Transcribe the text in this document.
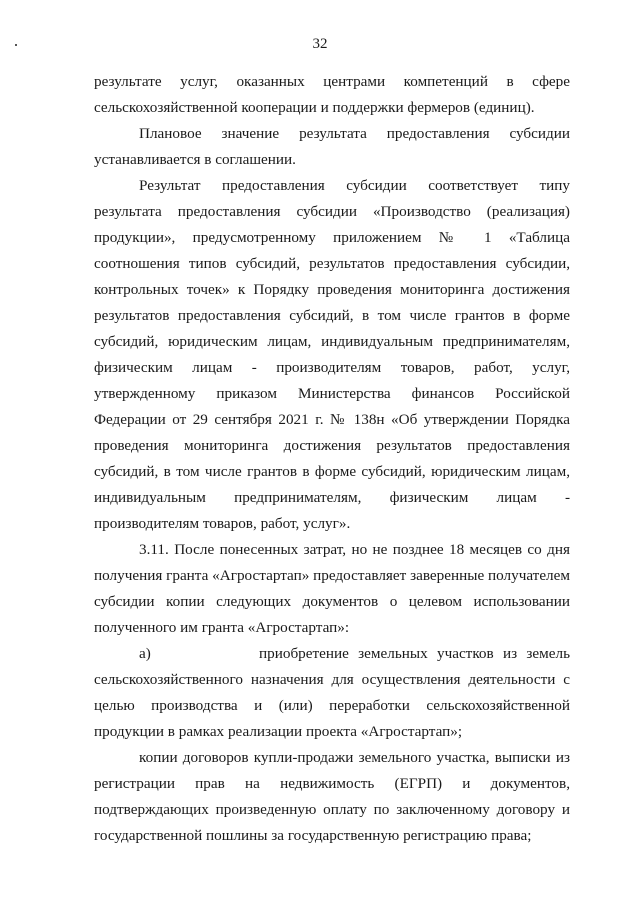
32

результате услуг, оказанных центрами компетенций в сфере сельскохозяйственной кооперации и поддержки фермеров (единиц).

Плановое значение результата предоставления субсидии устанавливается в соглашении.

Результат предоставления субсидии соответствует типу результата предоставления субсидии «Производство (реализация) продукции», предусмотренному приложением № 1 «Таблица соотношения типов субсидий, результатов предоставления субсидии, контрольных точек» к Порядку проведения мониторинга достижения результатов предоставления субсидий, в том числе грантов в форме субсидий, юридическим лицам, индивидуальным предпринимателям, физическим лицам - производителям товаров, работ, услуг, утвержденному приказом Министерства финансов Российской Федерации от 29 сентября 2021 г. № 138н «Об утверждении Порядка проведения мониторинга достижения результатов предоставления субсидий, в том числе грантов в форме субсидий, юридическим лицам, индивидуальным предпринимателям, физическим лицам - производителям товаров, работ, услуг».

3.11. После понесенных затрат, но не позднее 18 месяцев со дня получения гранта «Агростартап» предоставляет заверенные получателем субсидии копии следующих документов о целевом использовании полученного им гранта «Агростартап»:

а)	приобретение земельных участков из земель сельскохозяйственного назначения для осуществления деятельности с целью производства и (или) переработки сельскохозяйственной продукции в рамках реализации проекта «Агростартап»;

копии договоров купли-продажи земельного участка, выписки из регистрации прав на недвижимость (ЕГРП) и документов, подтверждающих произведенную оплату по заключенному договору и государственной пошлины за государственную регистрацию права;
